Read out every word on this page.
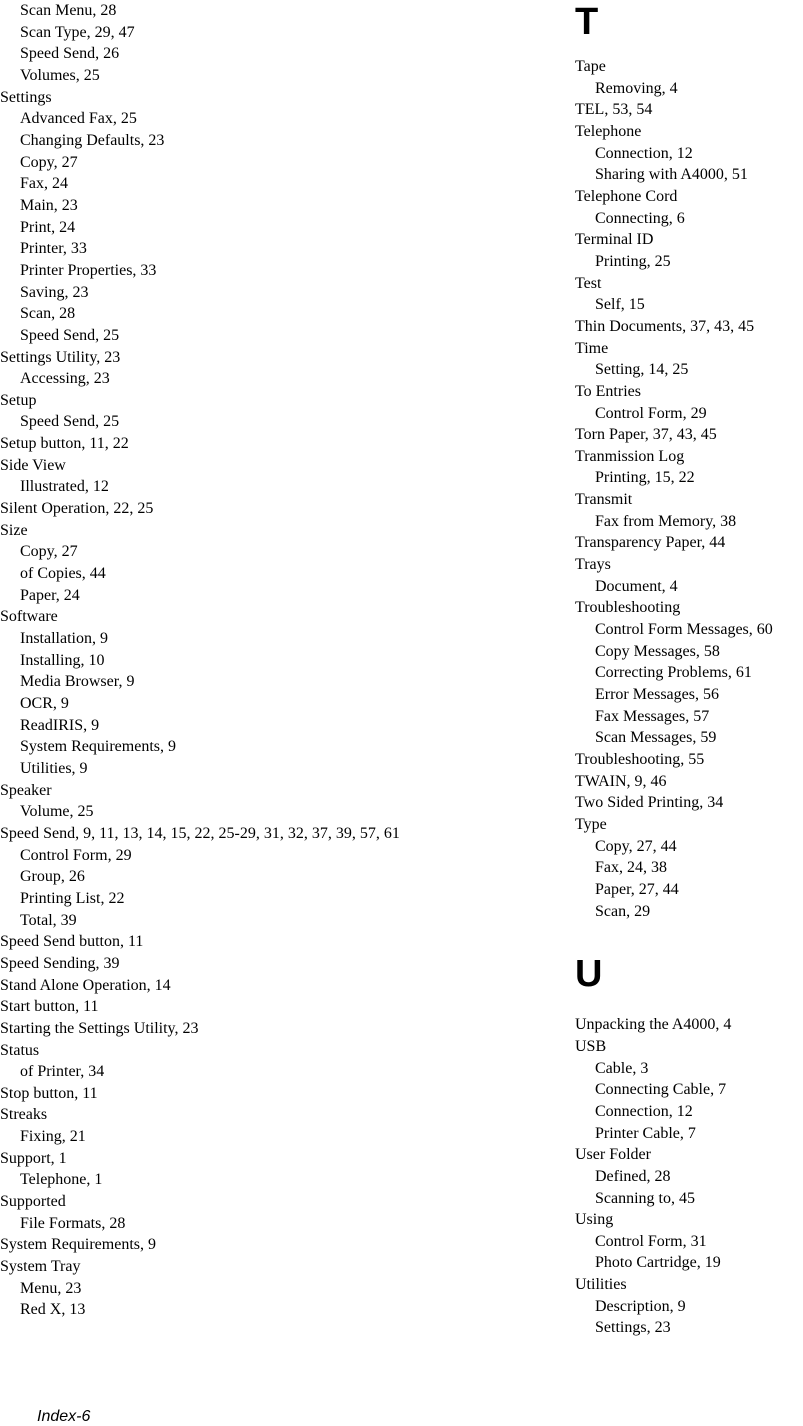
Scan Menu, 28
Scan Type, 29, 47
Speed Send, 26
Volumes, 25
Settings
Advanced Fax, 25
Changing Defaults, 23
Copy, 27
Fax, 24
Main, 23
Print, 24
Printer, 33
Printer Properties, 33
Saving, 23
Scan, 28
Speed Send, 25
Settings Utility, 23
Accessing, 23
Setup
Speed Send, 25
Setup button, 11, 22
Side View
Illustrated, 12
Silent Operation, 22, 25
Size
Copy, 27
of Copies, 44
Paper, 24
Software
Installation, 9
Installing, 10
Media Browser, 9
OCR, 9
ReadIRIS, 9
System Requirements, 9
Utilities, 9
Speaker
Volume, 25
Speed Send, 9, 11, 13, 14, 15, 22, 25-29, 31, 32, 37, 39, 57, 61
Control Form, 29
Group, 26
Printing List, 22
Total, 39
Speed Send button, 11
Speed Sending, 39
Stand Alone Operation, 14
Start button, 11
Starting the Settings Utility, 23
Status
of Printer, 34
Stop button, 11
Streaks
Fixing, 21
Support, 1
Telephone, 1
Supported
File Formats, 28
System Requirements, 9
System Tray
Menu, 23
Red X, 13
T
Tape
Removing, 4
TEL, 53, 54
Telephone
Connection, 12
Sharing with A4000, 51
Telephone Cord
Connecting, 6
Terminal ID
Printing, 25
Test
Self, 15
Thin Documents, 37, 43, 45
Time
Setting, 14, 25
To Entries
Control Form, 29
Torn Paper, 37, 43, 45
Tranmission Log
Printing, 15, 22
Transmit
Fax from Memory, 38
Transparency Paper, 44
Trays
Document, 4
Troubleshooting
Control Form Messages, 60
Copy Messages, 58
Correcting Problems, 61
Error Messages, 56
Fax Messages, 57
Scan Messages, 59
Troubleshooting, 55
TWAIN, 9, 46
Two Sided Printing, 34
Type
Copy, 27, 44
Fax, 24, 38
Paper, 27, 44
Scan, 29
U
Unpacking the A4000, 4
USB
Cable, 3
Connecting Cable, 7
Connection, 12
Printer Cable, 7
User Folder
Defined, 28
Scanning to, 45
Using
Control Form, 31
Photo Cartridge, 19
Utilities
Description, 9
Settings, 23
Index-6
